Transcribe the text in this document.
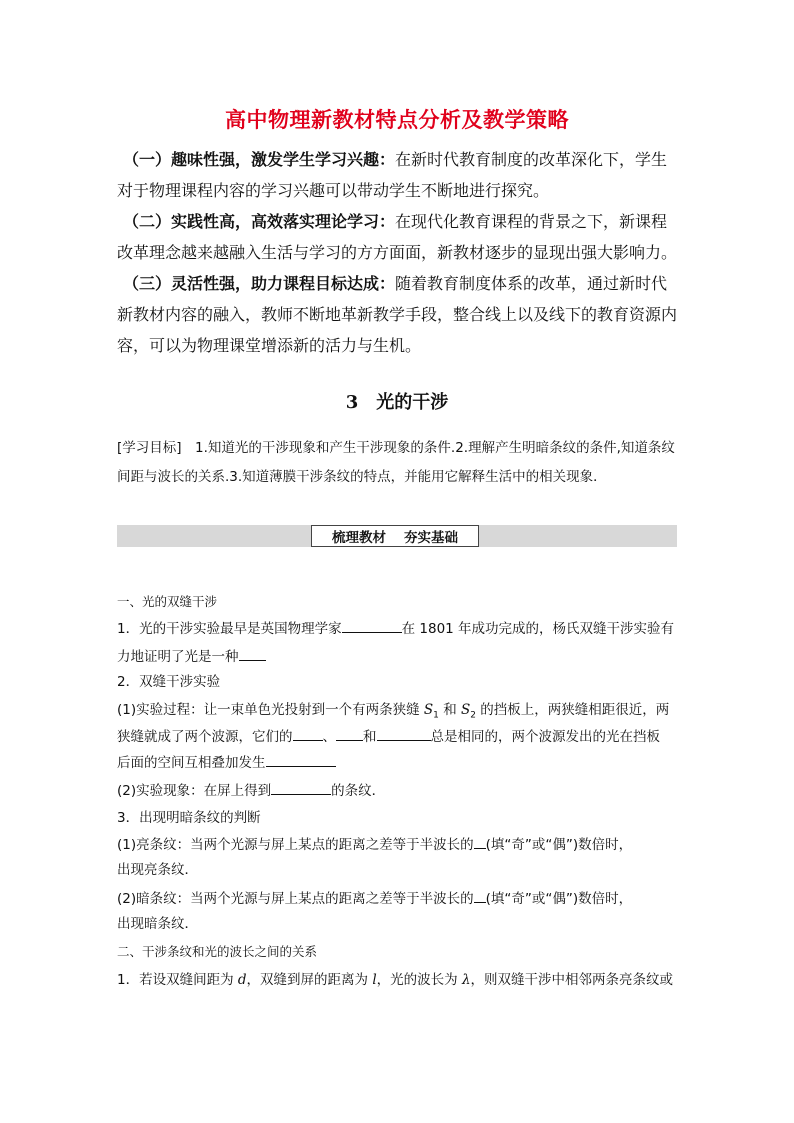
高中物理新教材特点分析及教学策略
（一）趣味性强，激发学生学习兴趣：在新时代教育制度的改革深化下，学生对于物理课程内容的学习兴趣可以带动学生不断地进行探究。
（二）实践性高，高效落实理论学习：在现代化教育课程的背景之下，新课程改革理念越来越融入生活与学习的方方面面，新教材逐步的显现出强大影响力。
（三）灵活性强，助力课程目标达成：随着教育制度体系的改革，通过新时代新教材内容的融入，教师不断地革新教学手段，整合线上以及线下的教育资源内容，可以为物理课堂增添新的活力与生机。
3　光的干涉
[学习目标]　1.知道光的干涉现象和产生干涉现象的条件.2.理解产生明暗条纹的条件,知道条纹间距与波长的关系.3.知道薄膜干涉条纹的特点，并能用它解释生活中的相关现象．
梳理教材 夯实基础
一、光的双缝干涉
1．光的干涉实验最早是英国物理学家	在 1801 年成功完成的，杨氏双缝干涉实验有
力地证明了光是一种
2．双缝干涉实验
(1)实验过程：让一束单色光投射到一个有两条狭缝 $S_1$ 和 $S_2$ 的挡板上，两狭缝相距很近，两
狭缝就成了两个波源，它们的 、 和	总是相同的，两个波源发出的光在挡板
后面的空间互相叠加发生
(2)实验现象：在屏上得到	的条纹．
3．出现明暗条纹的判断
(1)亮条纹：当两个光源与屏上某点的距离之差等于半波长的 (填“奇”或“偶”)数倍时，
出现亮条纹．
(2)暗条纹：当两个光源与屏上某点的距离之差等于半波长的 (填“奇”或“偶”)数倍时，
出现暗条纹．
二、干涉条纹和光的波长之间的关系
1．若设双缝间距为 d，双缝到屏的距离为 l，光的波长为 λ，则双缝干涉中相邻两条亮条纹或
